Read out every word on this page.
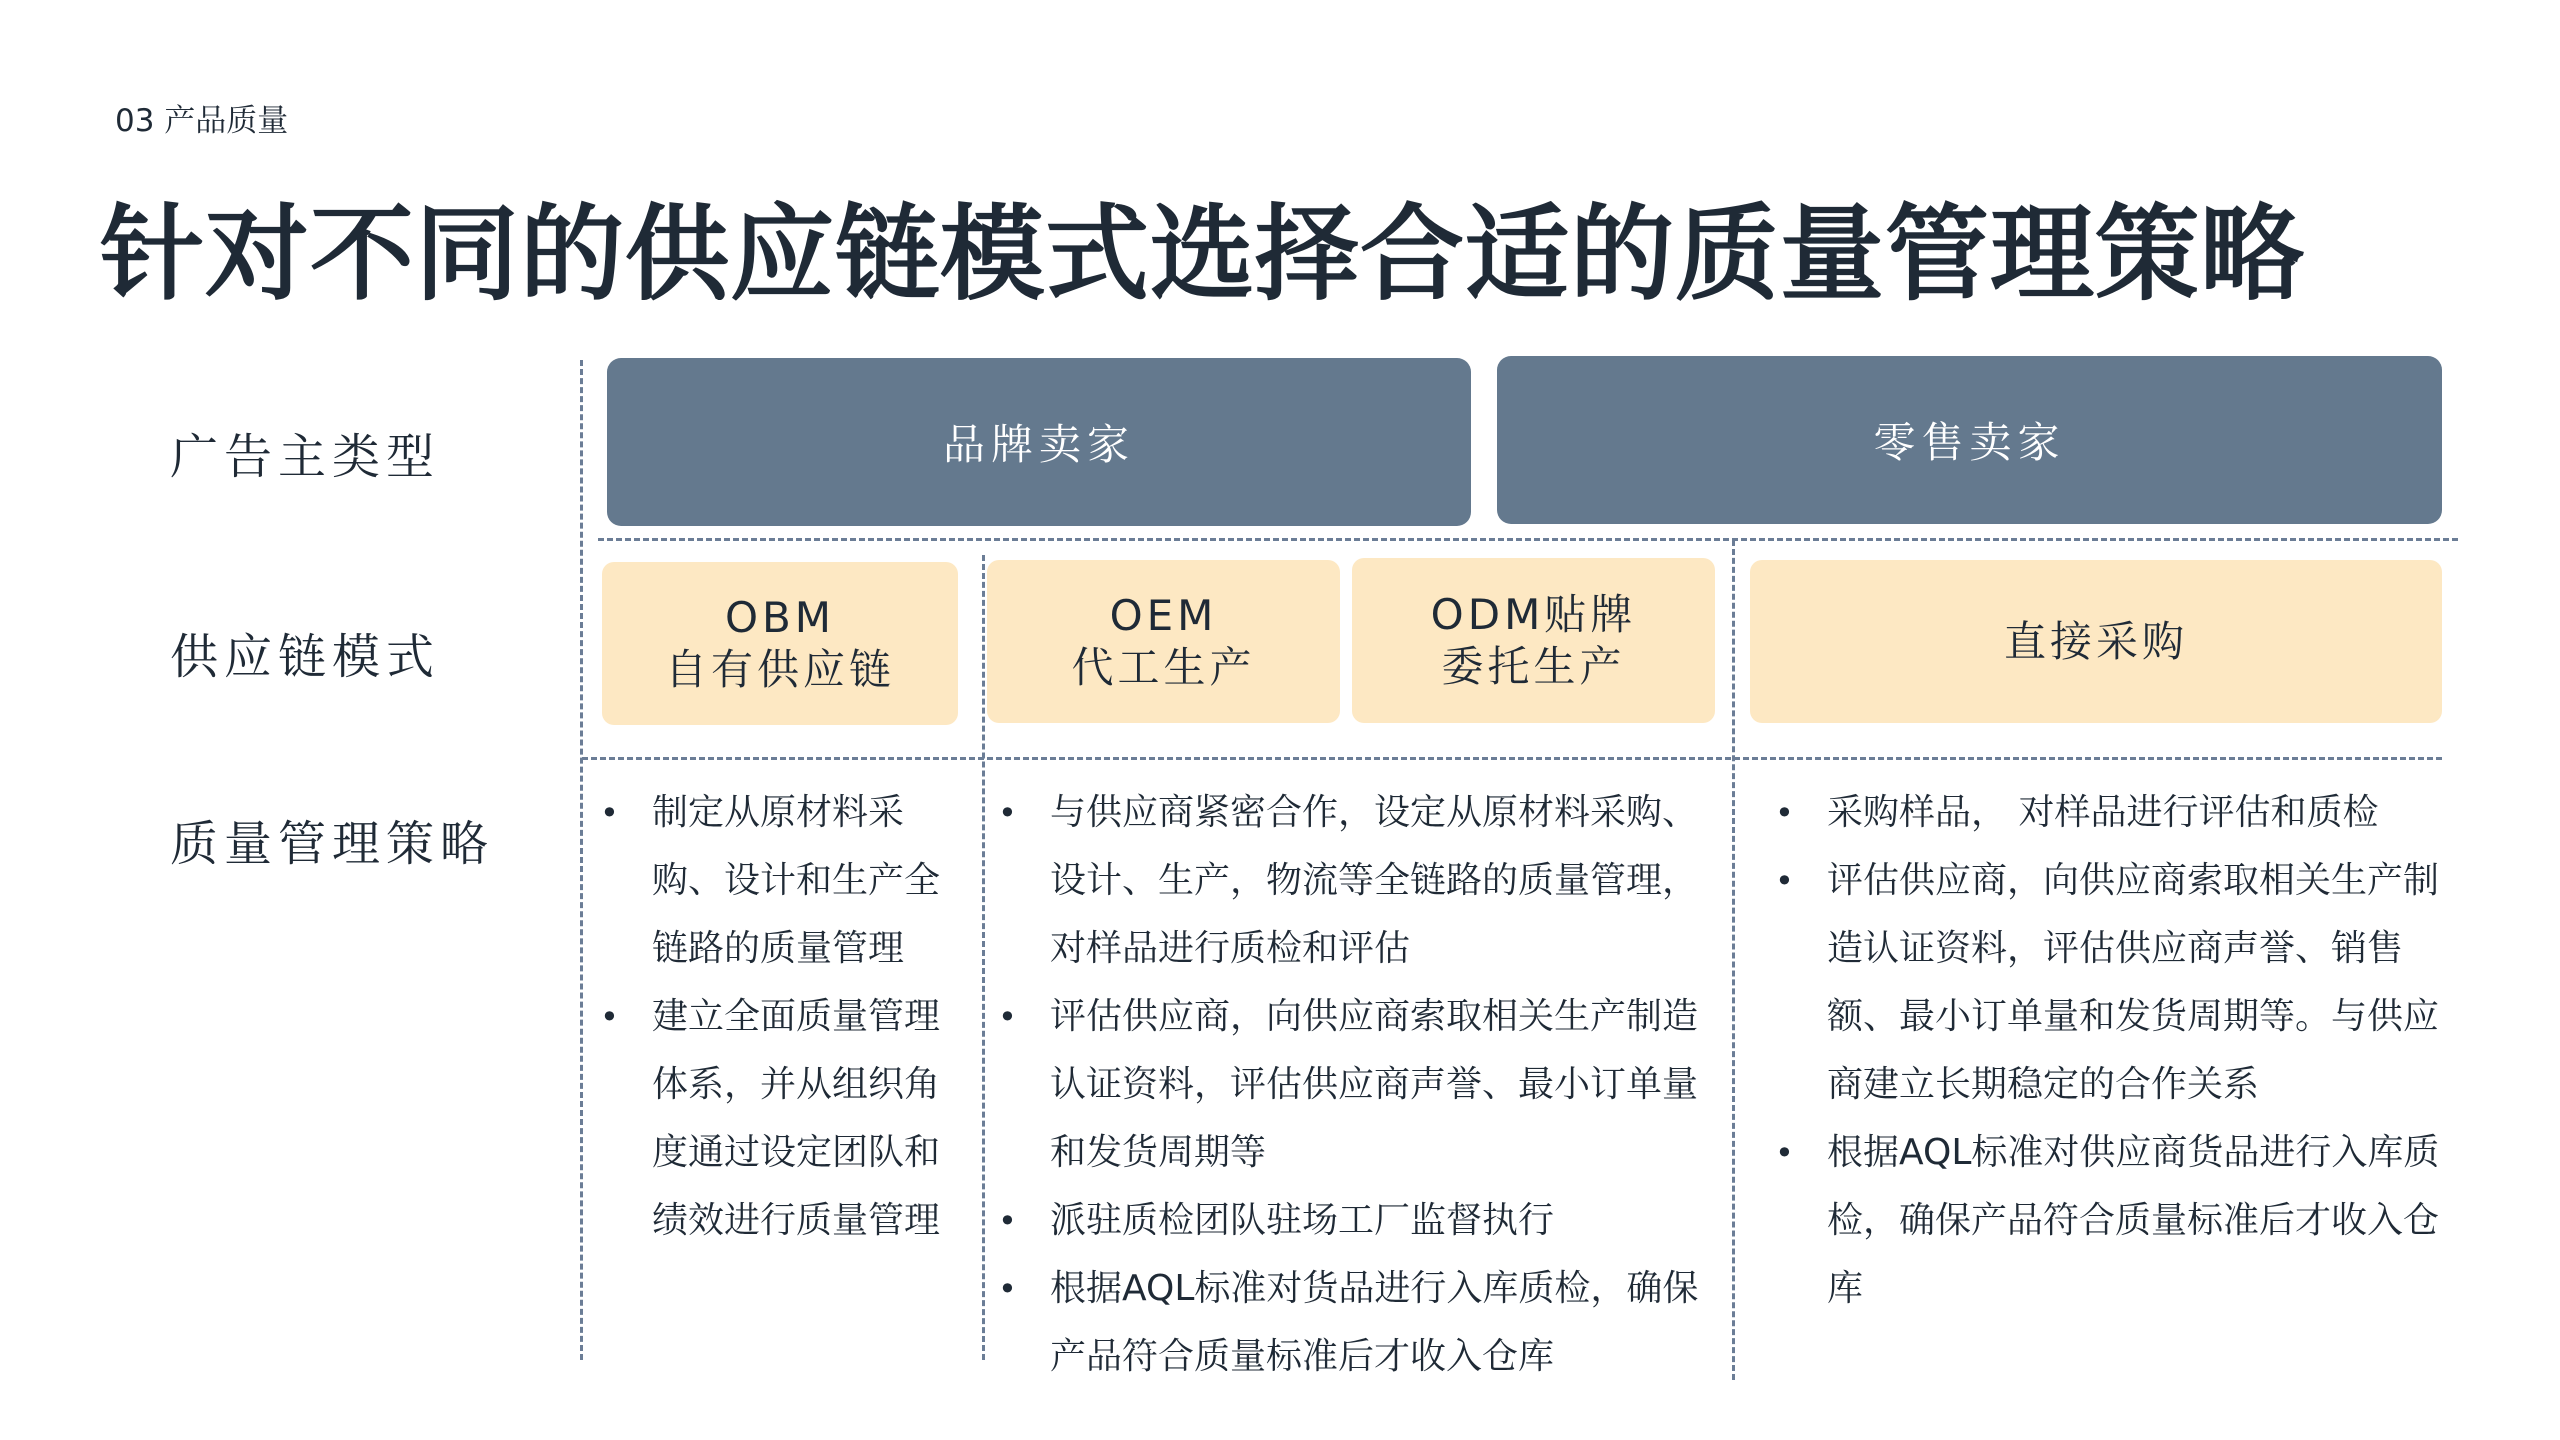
03 产品质量
针对不同的供应链模式选择合适的质量管理策略
广告主类型
供应链模式
质量管理策略
品牌卖家	零售卖家
OBM
自有供应链
OEM
代工生产
ODM贴牌
委托生产
直接采购
• 制定从原材料采购、设计和生产全链路的质量管理
• 建立全面质量管理体系，并从组织角度通过设定团队和绩效进行质量管理
• 与供应商紧密合作，设定从原材料采购、设计、生产，物流等全链路的质量管理，对样品进行质检和评估
• 评估供应商，向供应商索取相关生产制造认证资料，评估供应商声誉、最小订单量和发货周期等
• 派驻质检团队驻场工厂监督执行
• 根据AQL标准对货品进行入库质检，确保产品符合质量标准后才收入仓库
• 采购样品， 对样品进行评估和质检
• 评估供应商，向供应商索取相关生产制造认证资料，评估供应商声誉、销售额、最小订单量和发货周期等。与供应商建立长期稳定的合作关系
• 根据AQL标准对供应商货品进行入库质检，确保产品符合质量标准后才收入仓库
